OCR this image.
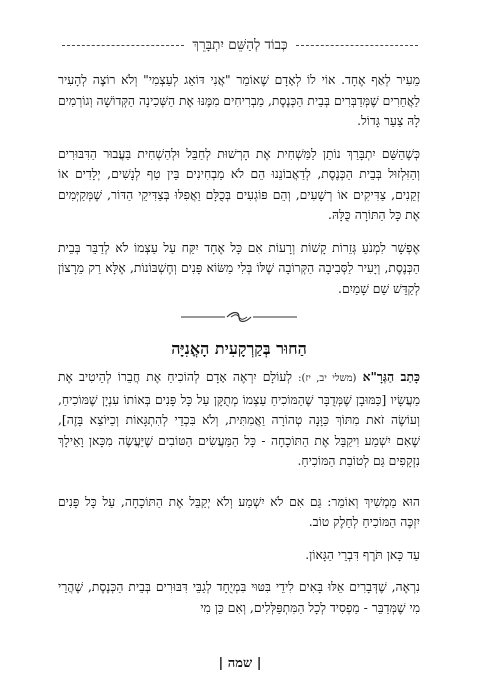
כְּבוֹד לְהַשֵּׁם יִתְבָּרֵךְ

מֵעִיר לְאַף אֶחָד. אוֹי לוֹ לְאָדָם שֶׁאוֹמֵר "אֲנִי דּוֹאֵג לְעַצְמִי" וְלֹא רוֹצֶה לְהָעִיר לַאֲחֵרִים שֶׁמְּדַבְּרִים בְּבֵית הַכְּנֶסֶת, מַבְרִיחִים מִמֶּנּוּ אֶת הַשְּׁכִינָה הַקְּדוֹשָׁה וְגוֹרְמִים לָהּ צַעַר גָּדוֹל.

כְּשֶׁהַשֵּׁם יִתְבָּרַךְ נוֹתֵן לַמַּשְׁחִית אֶת הָרְשׁוּת לְחַבֵּל וּלְהַשְׁחִית בַּעֲבוּר הַדִּבּוּרִים וְהַזִּלְזוּל בְּבֵית הַכְּנֶסֶת, לְדַאֲבוֹנֵנוּ הֵם לֹא מַבְחִינִים בֵּין טַף לְנָשִׁים, יְלָדִים אוֹ זְקֵנִים, צַדִּיקִים אוֹ רְשָׁעִים, וְהֵם פּוֹגְעִים בְּכֻלָּם וַאֲפִלּוּ בְּצַדִּיקֵי הַדּוֹר, שֶׁמְּקַיְּמִים אֶת כָּל הַתּוֹרָה כֻּלָּהּ.

אֶפְשָׁר לִמְנֹעַ גְּזֵרוֹת קָשׁוֹת וְרָעוֹת אִם כָּל אֶחָד יִקַּח עַל עַצְמוֹ לֹא לְדַבֵּר בְּבֵית הַכְּנֶסֶת, וְיָעִיר לַסְּבִיבָה הַקְּרוֹבָה שֶׁלּוֹ בְּלִי מַשּׂוֹא פָּנִים וְחֶשְׁבּוֹנוֹת, אֶלָּא רַק מֵרָצוֹן לְקַדֵּשׁ שֵׁם שָׁמַיִם.

הַחוּר בְּקַרְקָעִית הָאֳנִיָּה

כָּתַב הַגְּרָ"א (משלי יב, יז): לְעוֹלָם יִרְאֶה אָדָם לְהוֹכִיחַ אֶת חֲבֵרוֹ לְהֵיטִיב אֶת מַעֲשָׂיו [כַּמּוּבָן שֶׁמְּדֻבָּר שֶׁהַמּוֹכִיחַ עַצְמוֹ מְתֻקָּן עַל כָּל פָּנִים בְּאוֹתוֹ עִנְיָן שֶׁמּוֹכִיחַ, וְעוֹשֶׂה זֹאת מִתּוֹךְ כַּוָּנָה טְהוֹרָה וַאֲמִתִּית, וְלֹא בִּכְדֵי לְהִתְגָּאוֹת וְכַיּוֹצֵא בָּזֶה], שֶׁאִם יִשְׁמַע וִיקַבֵּל אֶת הַתּוֹכָחָה - כָּל הַמַּעֲשִׂים הַטּוֹבִים שֶׁיַּעֲשֶׂה מִכָּאן וָאֵילָךְ נִזְקָפִים גַּם לְטוֹבַת הַמּוֹכִיחַ.

הוּא מַמְשִׁיךְ וְאוֹמֵר: גַּם אִם לֹא יִשְׁמַע וְלֹא יְקַבֵּל אֶת הַתּוֹכָחָה, עַל כָּל פָּנִים יִזְכֶּה הַמּוֹכִיחַ לְחֵלֶק טוֹב.

עַד כָּאן תֹּרֶף דִּבְרֵי הַגָּאוֹן.

נִרְאֶה, שֶׁדְּבָרִים אֵלּוּ בָּאִים לִידֵי בִּטּוּי בִּמְיֻחָד לְגַבֵּי דִּבּוּרִים בְּבֵית הַכְּנֶסֶת, שֶׁהֲרֵי מִי שֶׁמְּדַבֵּר - מַפְסִיד לְכָל הַמִּתְפַּלְּלִים, וְאִם כֵּן מִי

| שמה |
